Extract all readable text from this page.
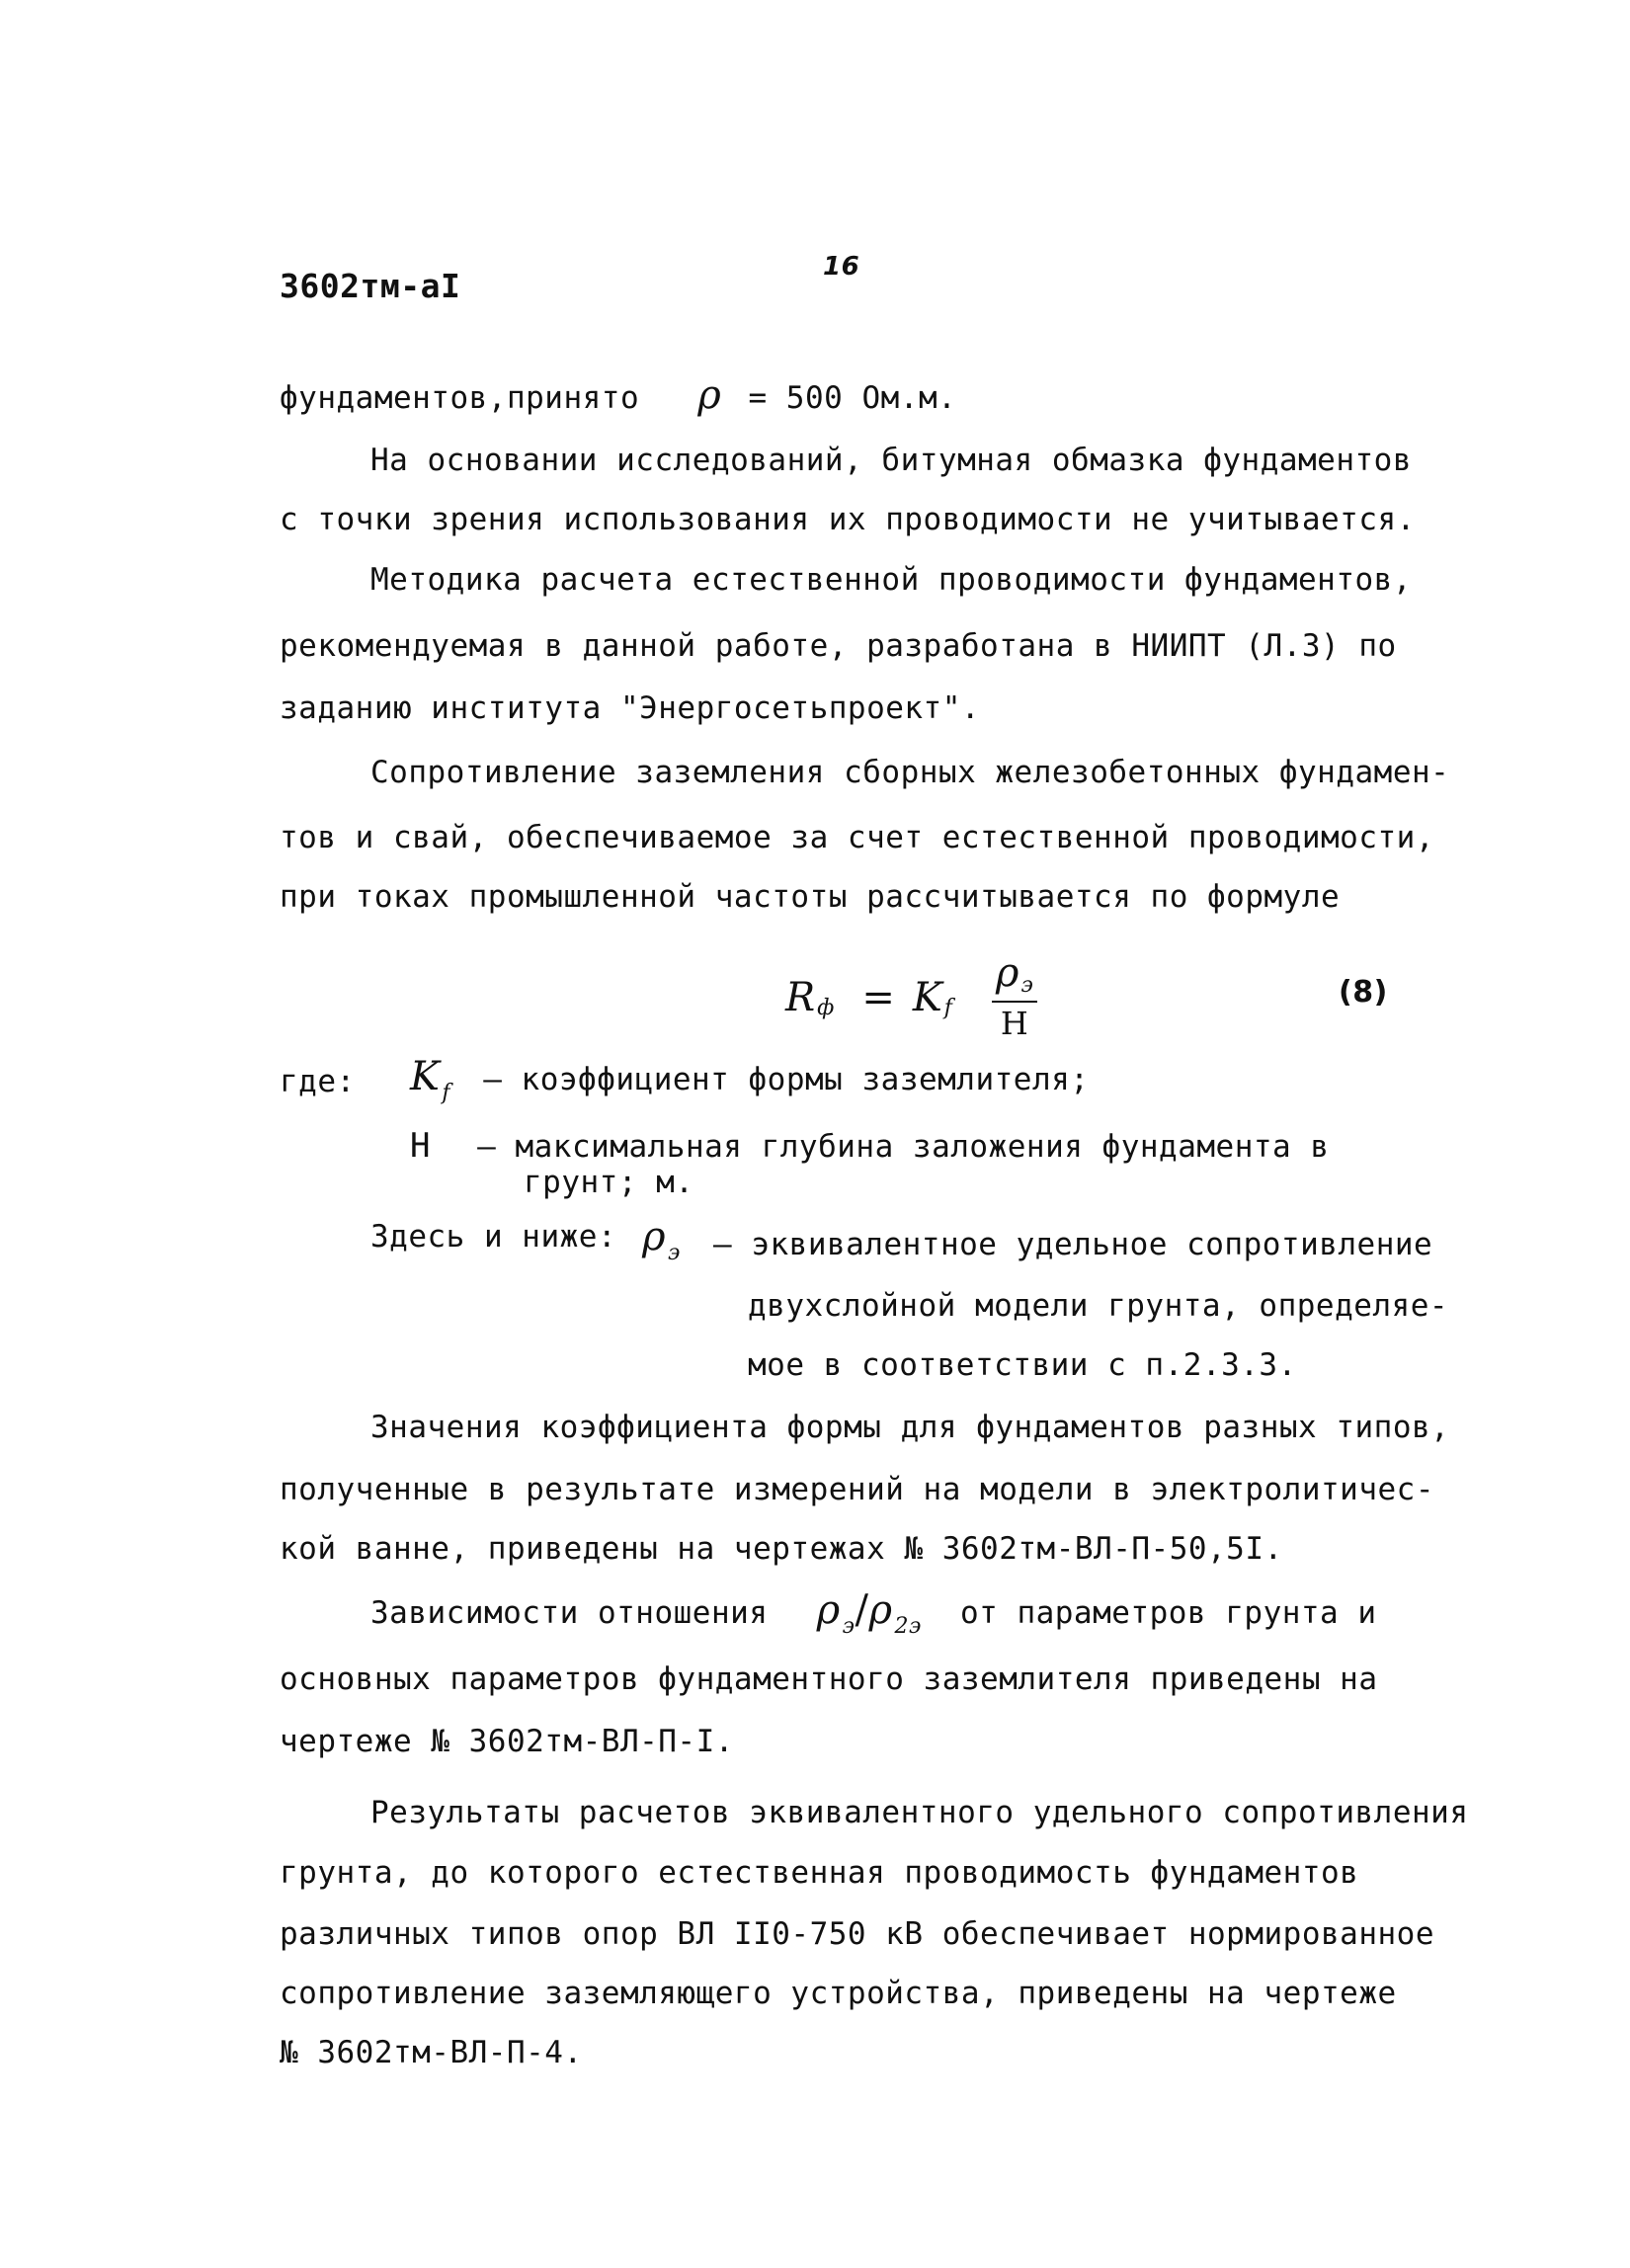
3602тм-аI	16
фундаментов,принято ρ = 500 Ом.м.
На основании исследований, битумная обмазка фундаментов
с точки зрения использования их проводимости не учитывается.
Методика расчета естественной проводимости фундаментов,
рекомендуемая в данной работе, разработана в НИИПТ (Л.3) по
заданию института "Энергосетьпроект".
Сопротивление заземления сборных железобетонных фундамен-
тов и свай, обеспечиваемое за счет естественной проводимости,
при токах промышленной частоты рассчитывается по формуле
R ф = K f $\frac{\rho э}{H}$	(8)
где: $K_f$ – коэффициент формы заземлителя;
H – максимальная глубина заложения фундамента в
грунт; м.
Здесь и ниже: $\rho_э$ – эквивалентное удельное сопротивление
двухслойной модели грунта, определяе-
мое в соответствии с п.2.3.3.
Значения коэффициента формы для фундаментов разных типов,
полученные в результате измерений на модели в электролитичес-
кой ванне, приведены на чертежах № 3602тм-ВЛ-П-50,5I.
Зависимости отношения $\rho_э/\rho_{2э}$ от параметров грунта и
основных параметров фундаментного заземлителя приведены на
чертеже № 3602тм-ВЛ-П-I.
Результаты расчетов эквивалентного удельного сопротивления
грунта, до которого естественная проводимость фундаментов
различных типов опор ВЛ II0-750 кВ обеспечивает нормированное
сопротивление заземляющего устройства, приведены на чертеже
№ 3602тм-ВЛ-П-4.
